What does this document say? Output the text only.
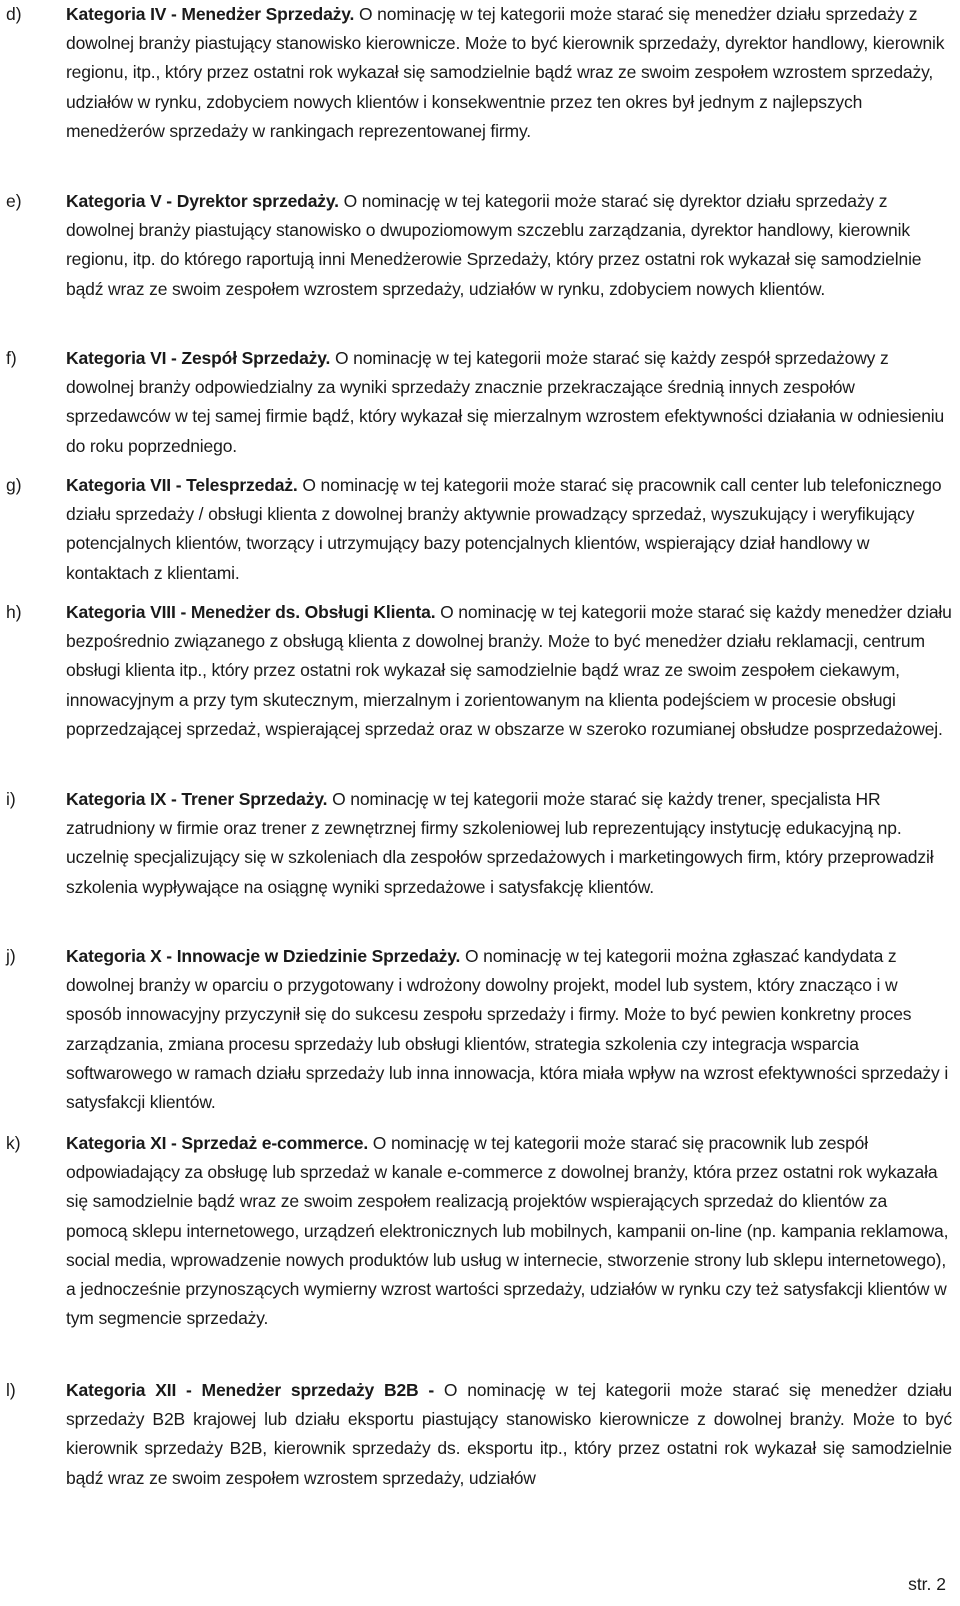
d)	Kategoria IV - Menedżer Sprzedaży. O nominację w tej kategorii może starać się menedżer działu sprzedaży z dowolnej branży piastujący stanowisko kierownicze. Może to być kierownik sprzedaży, dyrektor handlowy, kierownik regionu, itp., który przez ostatni rok wykazał się samodzielnie bądź wraz ze swoim zespołem wzrostem sprzedaży, udziałów w rynku, zdobyciem nowych klientów i konsekwentnie przez ten okres był jednym z najlepszych menedżerów sprzedaży w rankingach reprezentowanej firmy.
e)	Kategoria V - Dyrektor sprzedaży. O nominację w tej kategorii może starać się dyrektor działu sprzedaży z dowolnej branży piastujący stanowisko o dwupoziomowym szczeblu zarządzania, dyrektor handlowy, kierownik regionu, itp. do którego raportują inni Menedżerowie Sprzedaży, który przez ostatni rok wykazał się samodzielnie bądź wraz ze swoim zespołem wzrostem sprzedaży, udziałów w rynku, zdobyciem nowych klientów.
f)	Kategoria VI - Zespół Sprzedaży. O nominację w tej kategorii może starać się każdy zespół sprzedażowy z dowolnej branży odpowiedzialny za wyniki sprzedaży znacznie przekraczające średnią innych zespołów sprzedawców w tej samej firmie bądź, który wykazał się mierzalnym wzrostem efektywności działania w odniesieniu do roku poprzedniego.
g)	Kategoria VII - Telesprzedaż. O nominację w tej kategorii może starać się pracownik call center lub telefonicznego działu sprzedaży / obsługi klienta z dowolnej branży aktywnie prowadzący sprzedaż, wyszukujący i weryfikujący potencjalnych klientów, tworzący i utrzymujący bazy potencjalnych klientów, wspierający dział handlowy w kontaktach z klientami.
h)	Kategoria VIII - Menedżer ds. Obsługi Klienta. O nominację w tej kategorii może starać się każdy menedżer działu bezpośrednio związanego z obsługą klienta z dowolnej branży. Może to być menedżer działu reklamacji, centrum obsługi klienta itp., który przez ostatni rok wykazał się samodzielnie bądź wraz ze swoim zespołem ciekawym, innowacyjnym a przy tym skutecznym, mierzalnym i zorientowanym na klienta podejściem w procesie obsługi poprzedzającej sprzedaż, wspierającej sprzedaż oraz w obszarze w szeroko rozumianej obsłudze posprzedażowej.
i)	Kategoria IX - Trener Sprzedaży. O nominację w tej kategorii może starać się każdy trener, specjalista HR zatrudniony w firmie oraz trener z zewnętrznej firmy szkoleniowej lub reprezentujący instytucję edukacyjną np. uczelnię specjalizujący się w szkoleniach dla zespołów sprzedażowych i marketingowych firm, który przeprowadził szkolenia wypływające na osiągnę wyniki sprzedażowe i satysfakcję klientów.
j)	Kategoria X - Innowacje w Dziedzinie Sprzedaży. O nominację w tej kategorii można zgłaszać kandydata z dowolnej branży w oparciu o przygotowany i wdrożony dowolny projekt, model lub system, który znacząco i w sposób innowacyjny przyczynił się do sukcesu zespołu sprzedaży i firmy. Może to być pewien konkretny proces zarządzania, zmiana procesu sprzedaży lub obsługi klientów, strategia szkolenia czy integracja wsparcia softwarowego w ramach działu sprzedaży lub inna innowacja, która miała wpływ na wzrost efektywności sprzedaży i satysfakcji klientów.
k)	Kategoria XI - Sprzedaż e-commerce. O nominację w tej kategorii może starać się pracownik lub zespół odpowiadający za obsługę lub sprzedaż w kanale e-commerce z dowolnej branży, która przez ostatni rok wykazała się samodzielnie bądź wraz ze swoim zespołem realizacją projektów wspierających sprzedaż do klientów za pomocą sklepu internetowego, urządzeń elektronicznych lub mobilnych, kampanii on-line (np. kampania reklamowa, social media, wprowadzenie nowych produktów lub usług w internecie, stworzenie strony lub sklepu internetowego), a jednocześnie przynoszących wymierny wzrost wartości sprzedaży, udziałów w rynku czy też satysfakcji klientów w tym segmencie sprzedaży.
l)	Kategoria XII - Menedżer sprzedaży B2B - O nominację w tej kategorii może starać się menedżer działu sprzedaży B2B krajowej lub działu eksportu piastujący stanowisko kierownicze z dowolnej branży. Może to być kierownik sprzedaży B2B, kierownik sprzedaży ds. eksportu itp., który przez ostatni rok wykazał się samodzielnie bądź wraz ze swoim zespołem wzrostem sprzedaży, udziałów
str. 2
